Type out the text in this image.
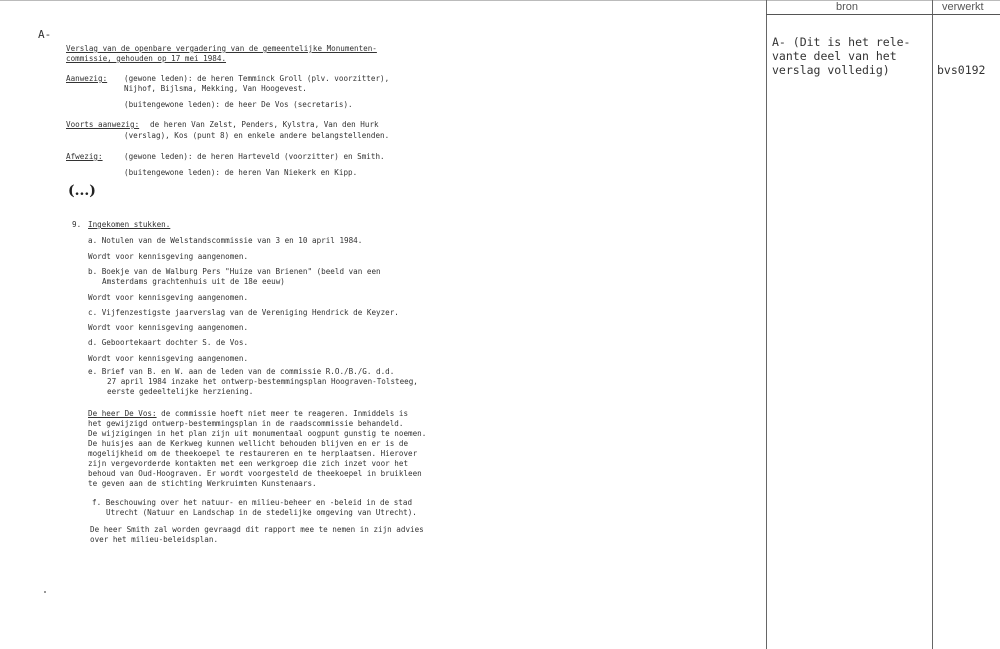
A-
Verslag van de openbare vergadering van de gemeentelijke Monumenten-
commissie, gehouden op 17 mei 1984.
Aanwezig: (gewone leden): de heren Temminck Groll (plv. voorzitter),
Nijhof, Bijlsma, Mekking, Van Hoogevest.
(buitengewone leden): de heer De Vos (secretaris).
Voorts aanwezig: de heren Van Zelst, Penders, Kylstra, Van den Hurk
(verslag), Kos (punt 8) en enkele andere belangstellenden.
Afwezig:	(gewone leden): de heren Harteveld (voorzitter) en Smith.
(buitengewone leden): de heren Van Niekerk en Kipp.
(...)
9. Ingekomen stukken.
a. Notulen van de Welstandscommissie van 3 en 10 april 1984.
Wordt voor kennisgeving aangenomen.
b. Boekje van de Walburg Pers "Huize van Brienen" (beeld van een
Amsterdams grachtenhuis uit de 18e eeuw)
Wordt voor kennisgeving aangenomen.
c. Vijfenzestigste jaarverslag van de Vereniging Hendrick de Keyzer.
Wordt voor kennisgeving aangenomen.
d. Geboortekaart dochter S. de Vos.
Wordt voor kennisgeving aangenomen.
e. Brief van B. en W. aan de leden van de commissie R.O./B./G. d.d.
27 april 1984 inzake het ontwerp-bestemmingsplan Hoograven-Tolsteeg,
eerste gedeeltelijke herziening.
De heer De Vos: de commissie hoeft niet meer te reageren. Inmiddels is
het gewijzigd ontwerp-bestemmingsplan in de raadscommissie behandeld.
De wijzigingen in het plan zijn uit monumentaal oogpunt gunstig te noemen.
De huisjes aan de Kerkweg kunnen wellicht behouden blijven en er is de
mogelijkheid om de theekoepel te restaureren en te herplaatsen. Hierover
zijn vergevorderde kontakten met een werkgroep die zich inzet voor het
behoud van Oud-Hoograven. Er wordt voorgesteld de theekoepel in bruikleen
te geven aan de stichting Werkruimten Kunstenaars.
f. Beschouwing over het natuur- en milieu-beheer en -beleid in de stad
Utrecht (Natuur en Landschap in de stedelijke omgeving van Utrecht).
De heer Smith zal worden gevraagd dit rapport mee te nemen in zijn advies
over het milieu-beleidsplan.
bron	verwerkt
A- (Dit is het rele-
vante deel van het
verslag volledig)	bvs0192
